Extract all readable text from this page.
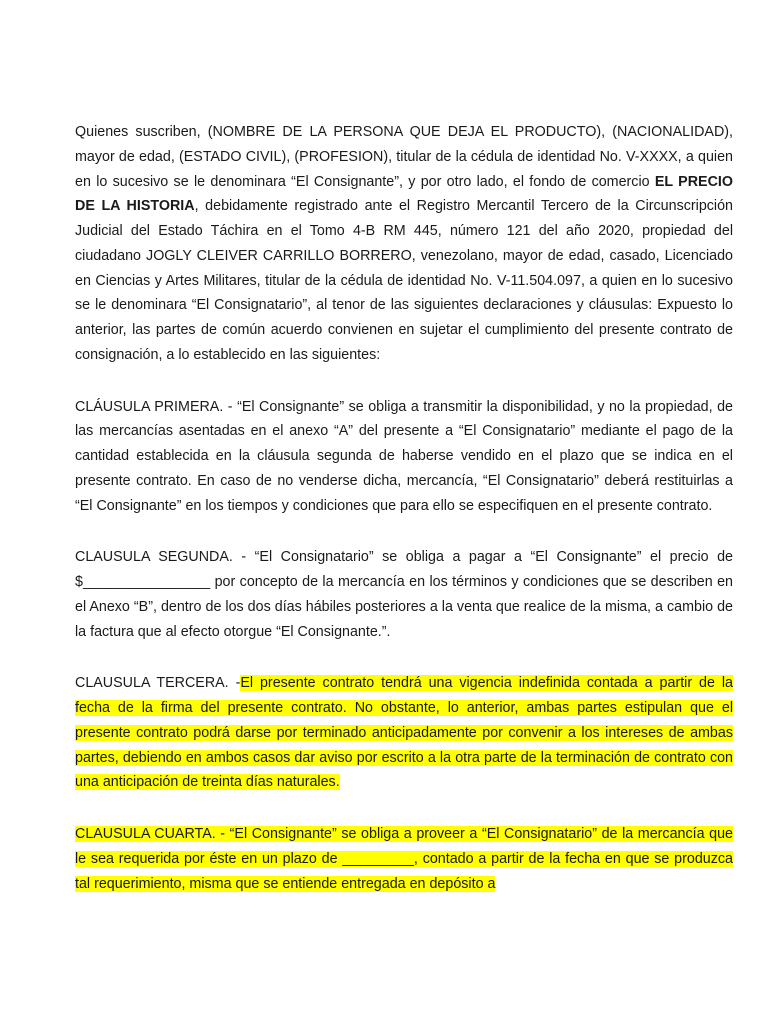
Quienes suscriben, (NOMBRE DE LA PERSONA QUE DEJA EL PRODUCTO), (NACIONALIDAD), mayor de edad, (ESTADO CIVIL), (PROFESION), titular de la cédula de identidad No. V-XXXX, a quien en lo sucesivo se le denominara “El Consignante”, y por otro lado, el fondo de comercio EL PRECIO DE LA HISTORIA, debidamente registrado ante el Registro Mercantil Tercero de la Circunscripción Judicial del Estado Táchira en el Tomo 4-B RM 445, número 121 del año 2020, propiedad del ciudadano JOGLY CLEIVER CARRILLO BORRERO, venezolano, mayor de edad, casado, Licenciado en Ciencias y Artes Militares, titular de la cédula de identidad No. V-11.504.097, a quien en lo sucesivo se le denominara “El Consignatario”, al tenor de las siguientes declaraciones y cláusulas: Expuesto lo anterior, las partes de común acuerdo convienen en sujetar el cumplimiento del presente contrato de consignación, a lo establecido en las siguientes:

CLÁUSULA PRIMERA. - “El Consignante” se obliga a transmitir la disponibilidad, y no la propiedad, de las mercancías asentadas en el anexo “A” del presente a “El Consignatario” mediante el pago de la cantidad establecida en la cláusula segunda de haberse vendido en el plazo que se indica en el presente contrato. En caso de no venderse dicha, mercancía, “El Consignatario” deberá restituirlas a “El Consignante” en los tiempos y condiciones que para ello se especifiquen en el presente contrato.

CLAUSULA SEGUNDA. - “El Consignatario” se obliga a pagar a “El Consignante” el precio de $________________ por concepto de la mercancía en los términos y condiciones que se describen en el Anexo “B”, dentro de los dos días hábiles posteriores a la venta que realice de la misma, a cambio de la factura que al efecto otorgue “El Consignante.”.

CLAUSULA TERCERA. -El presente contrato tendrá una vigencia indefinida contada a partir de la fecha de la firma del presente contrato. No obstante, lo anterior, ambas partes estipulan que el presente contrato podrá darse por terminado anticipadamente por convenir a los intereses de ambas partes, debiendo en ambos casos dar aviso por escrito a la otra parte de la terminación de contrato con una anticipación de treinta días naturales.

CLAUSULA CUARTA. - “El Consignante” se obliga a proveer a “El Consignatario” de la mercancía que le sea requerida por éste en un plazo de _________, contado a partir de la fecha en que se produzca tal requerimiento, misma que se entiende entregada en depósito a
